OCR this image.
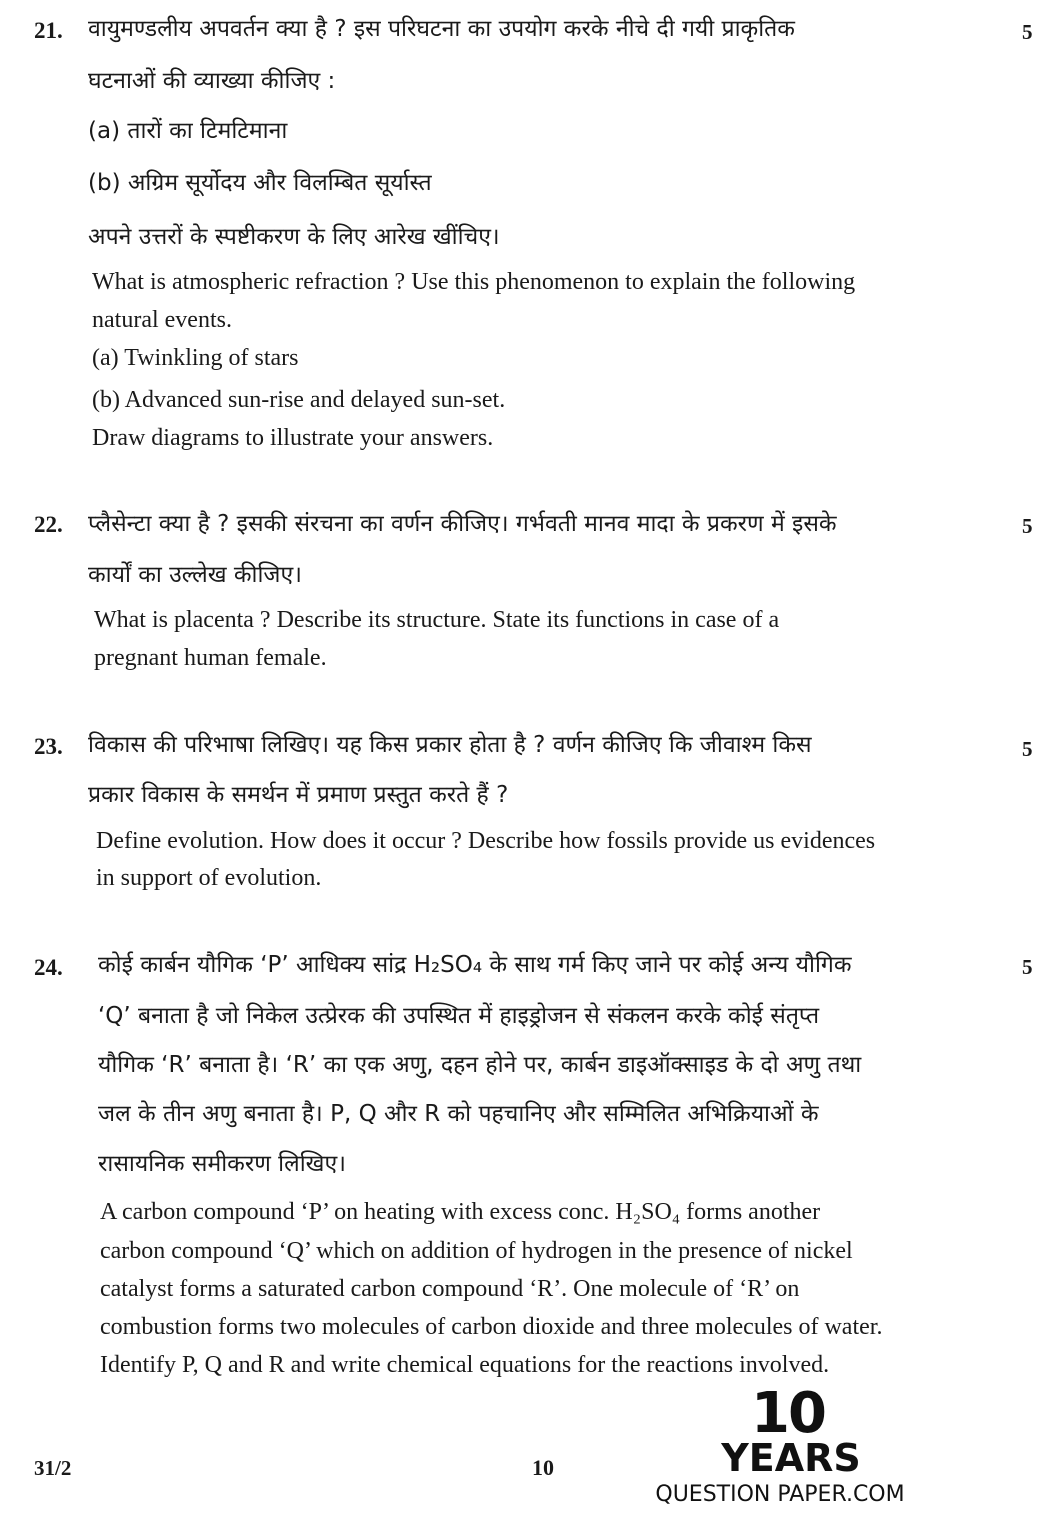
21.	5
वायुमण्डलीय अपवर्तन क्या है ? इस परिघटना का उपयोग करके नीचे दी गयी प्राकृतिक
घटनाओं की व्याख्या कीजिए :
(a) तारों का टिमटिमाना
(b) अग्रिम सूर्योदय और विलम्बित सूर्यास्त
अपने उत्तरों के स्पष्टीकरण के लिए आरेख खींचिए।
What is atmospheric refraction ? Use this phenomenon to explain the following
natural events.
(a) Twinkling of stars
(b) Advanced sun-rise and delayed sun-set.
Draw diagrams to illustrate your answers.
22.	5
प्लैसेन्टा क्या है ? इसकी संरचना का वर्णन कीजिए। गर्भवती मानव मादा के प्रकरण में इसके
कार्यों का उल्लेख कीजिए।
What is placenta ? Describe its structure. State its functions in case of a
pregnant human female.
23.	5
विकास की परिभाषा लिखिए। यह किस प्रकार होता है ? वर्णन कीजिए कि जीवाश्म किस
प्रकार विकास के समर्थन में प्रमाण प्रस्तुत करते हैं ?
Define evolution. How does it occur ? Describe how fossils provide us evidences
in support of evolution.
24.	5
कोई कार्बन यौगिक ‘P’ आधिक्य सांद्र H₂SO₄ के साथ गर्म किए जाने पर कोई अन्य यौगिक
‘Q’ बनाता है जो निकेल उत्प्रेरक की उपस्थित में हाइड्रोजन से संकलन करके कोई संतृप्त
यौगिक ‘R’ बनाता है। ‘R’ का एक अणु, दहन होने पर, कार्बन डाइऑक्साइड के दो अणु तथा
जल के तीन अणु बनाता है। P, Q और R को पहचानिए और सम्मिलित अभिक्रियाओं के
रासायनिक समीकरण लिखिए।
A carbon compound ‘P’ on heating with excess conc. H₂SO₄ forms another
carbon compound ‘Q’ which on addition of hydrogen in the presence of nickel
catalyst forms a saturated carbon compound ‘R’. One molecule of ‘R’ on
combustion forms two molecules of carbon dioxide and three molecules of water.
Identify P, Q and R and write chemical equations for the reactions involved.
31/2	10
10
YEARS
QUESTION PAPER.COM
